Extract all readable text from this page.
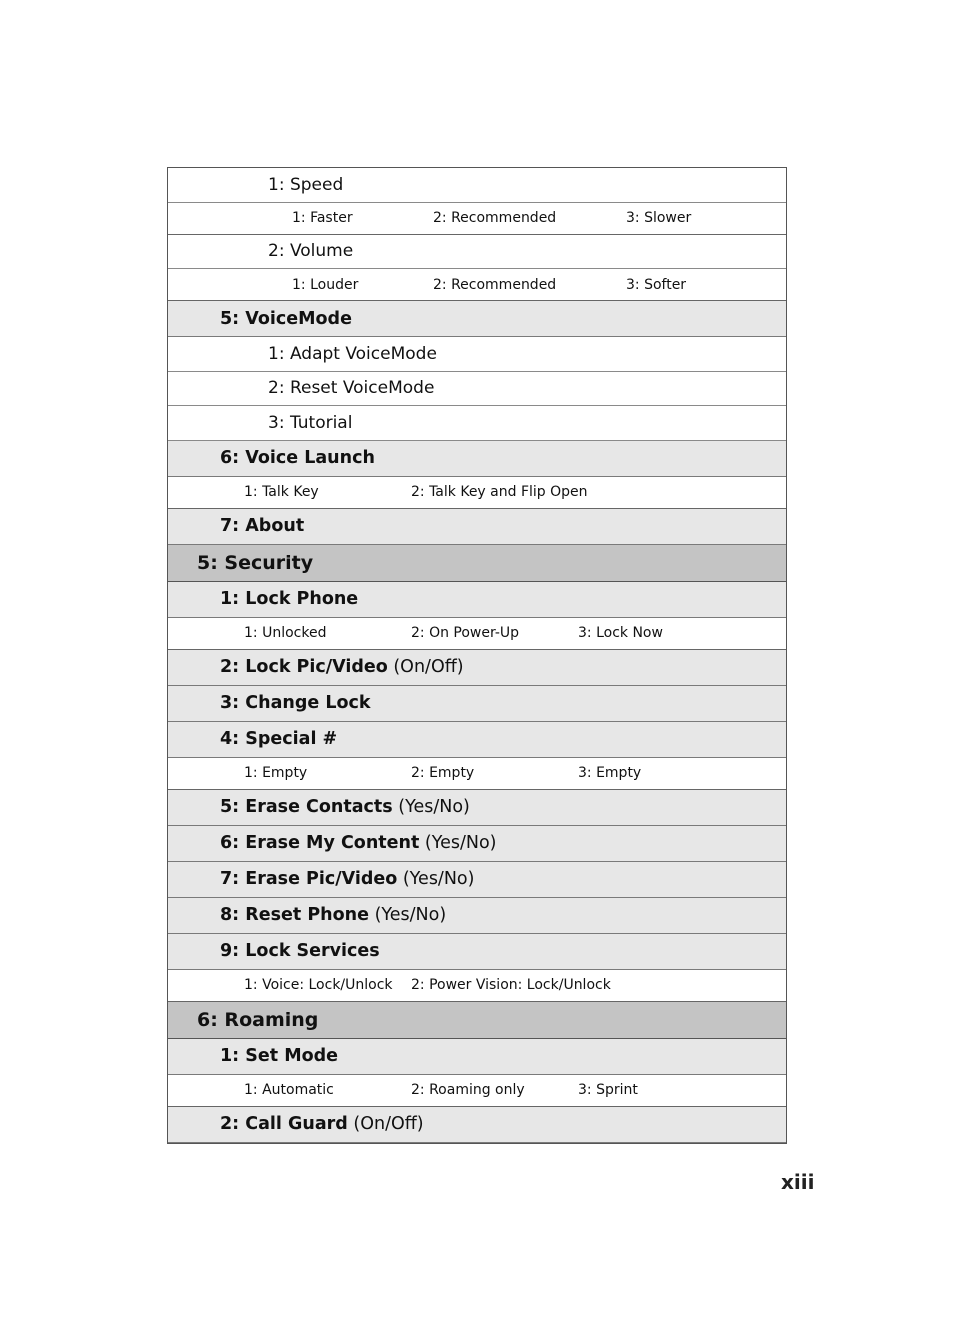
1: Speed
1: Faster	2: Recommended	3: Slower
2: Volume
1: Louder	2: Recommended	3: Softer
5: VoiceMode
1: Adapt VoiceMode
2: Reset VoiceMode
3: Tutorial
6: Voice Launch
1: Talk Key	2: Talk Key and Flip Open
7: About
5: Security
1: Lock Phone
1: Unlocked	2: On Power-Up	3: Lock Now
2: Lock Pic/Video (On/Off)
3: Change Lock
4: Special #
1: Empty	2: Empty	3: Empty
5: Erase Contacts (Yes/No)
6: Erase My Content (Yes/No)
7: Erase Pic/Video (Yes/No)
8: Reset Phone (Yes/No)
9: Lock Services
1: Voice: Lock/Unlock 2: Power Vision: Lock/Unlock
6: Roaming
1: Set Mode
1: Automatic	2: Roaming only	3: Sprint
2: Call Guard (On/Off)
xiii
